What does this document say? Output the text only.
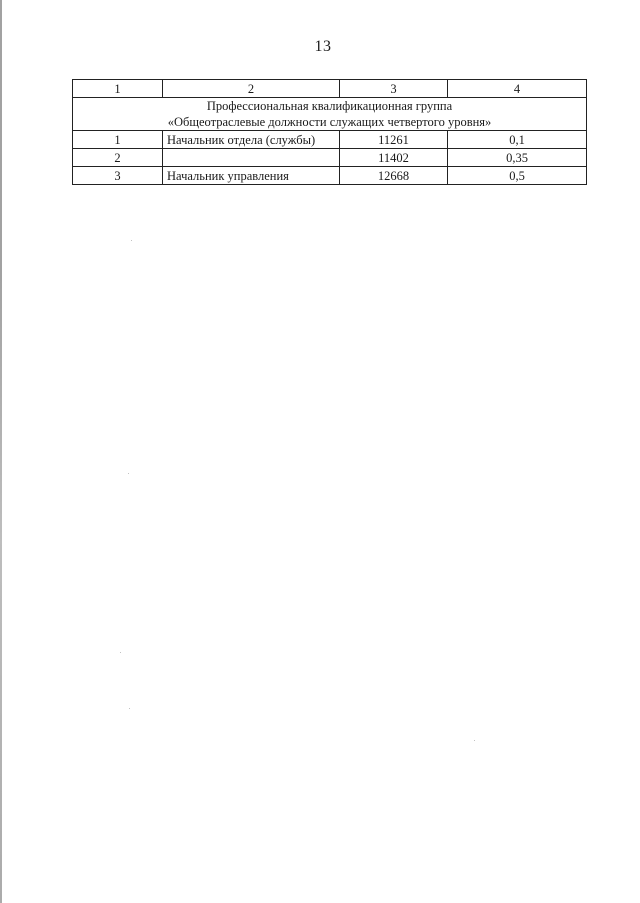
13
1	2	3	4

Профессиональная квалификационная группа
«Общеотраслевые должности служащих четвертого уровня»			

1	Начальник отдела (службы)	11261	0,1
2		11402	0,35
3	Начальник управления	12668	0,5
